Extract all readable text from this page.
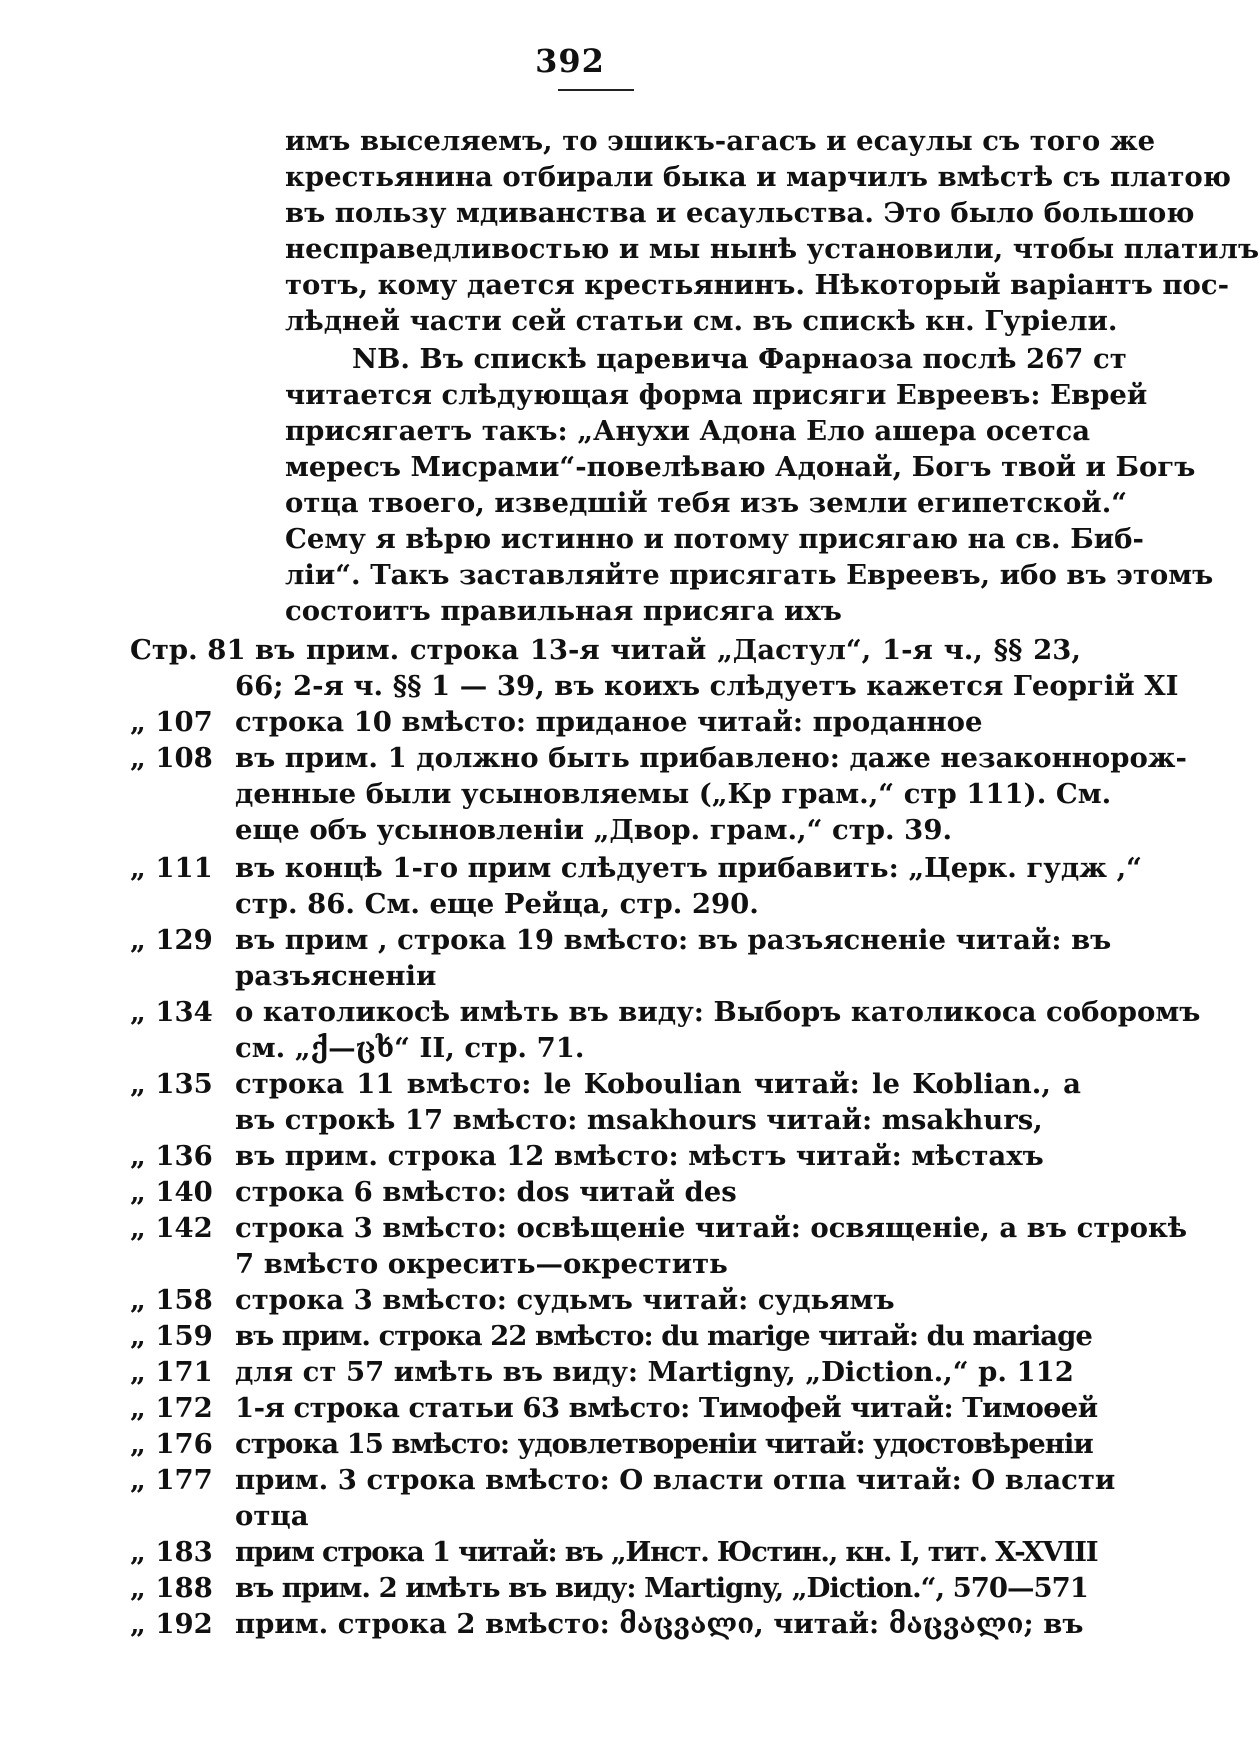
392
имъ выселяемъ, то эшикъ-агасъ и есаулы съ того же
крестьянина отбирали быка и марчилъ вмѣстѣ съ платою
въ пользу мдиванства и есаульства. Это было большою
несправедливостью и мы нынѣ установили, чтобы платилъ
тотъ, кому дается крестьянинъ. Нѣкоторый варіантъ пос-
лѣдней части сей статьи см. въ спискѣ кн. Гуріели.
NB. Въ спискѣ царевича Фарнаоза послѣ 267 ст
читается слѣдующая форма присяги Евреевъ: Еврей
присягаетъ такъ: „Анухи Адона Ело ашера осетса
мересъ Мисрами“-повелѣваю Адонай, Богъ твой и Богъ
отца твоего, изведшій тебя изъ земли египетской.“
Сему я вѣрю истинно и потому присягаю на св. Биб-
ліи“. Такъ заставляйте присягать Евреевъ, ибо въ этомъ
состоитъ правильная присяга ихъ
Стр. 81 въ прим. строка 13-я читай „Дастул“, 1-я ч., §§ 23,
66; 2-я ч. §§ 1 — 39, въ коихъ слѣдуетъ кажется Георгій XI
„ 107 строка 10 вмѣсто: приданое читай: проданное
„ 108 въ прим. 1 должно быть прибавлено: даже незаконнорож-
денные были усыновляемы („Кр грам.,“ стр 111). См.
еще объ усыновленіи „Двор. грам.,“ стр. 39.
„ 111 въ концѣ 1-го прим слѣдуетъ прибавить: „Церк. гудж ,“
стр. 86. См. еще Рейца, стр. 290.
„ 129 въ прим , строка 19 вмѣсто: въ разъясненіе читай: въ
разъясненіи
„ 134 о католикосѣ имѣть въ виду: Выборъ католикоса соборомъ
см. „ქ—ცხ“ II, стр. 71.
„ 135 строка 11 вмѣсто: le Koboulian читай: le Koblian., а
въ строкѣ 17 вмѣсто: msakhours читай: msakhurs,
„ 136 въ прим. строка 12 вмѣсто: мѣстъ читай: мѣстахъ
„ 140 строка 6 вмѣсто: dos читай des
„ 142 строка 3 вмѣсто: освѣщеніе читай: освященіе, а въ строкѣ
7 вмѣсто окресить—окрестить
„ 158 строка 3 вмѣсто: судьмъ читай: судьямъ
„ 159 въ прим. строка 22 вмѣсто: du marige читай: du mariage
„ 171 для ст 57 имѣть въ виду: Martigny, „Diction.,“ p. 112
„ 172 1-я строка статьи 63 вмѣсто: Тимофей читай: Тимоѳей
„ 176 строка 15 вмѣсто: удовлетвореніи читай: удостовѣреніи
„ 177 прим. 3 строка вмѣсто: О власти отпа читай: О власти
отца
„ 183 прим строка 1 читай: въ „Инст. Юстин., кн. I, тит. X-XVIII
„ 188 въ прим. 2 имѣть въ виду: Martigny, „Diction.“, 570—571
„ 192 прим. строка 2 вмѣсто: მაცვალი, читай: მაცვალი; въ
